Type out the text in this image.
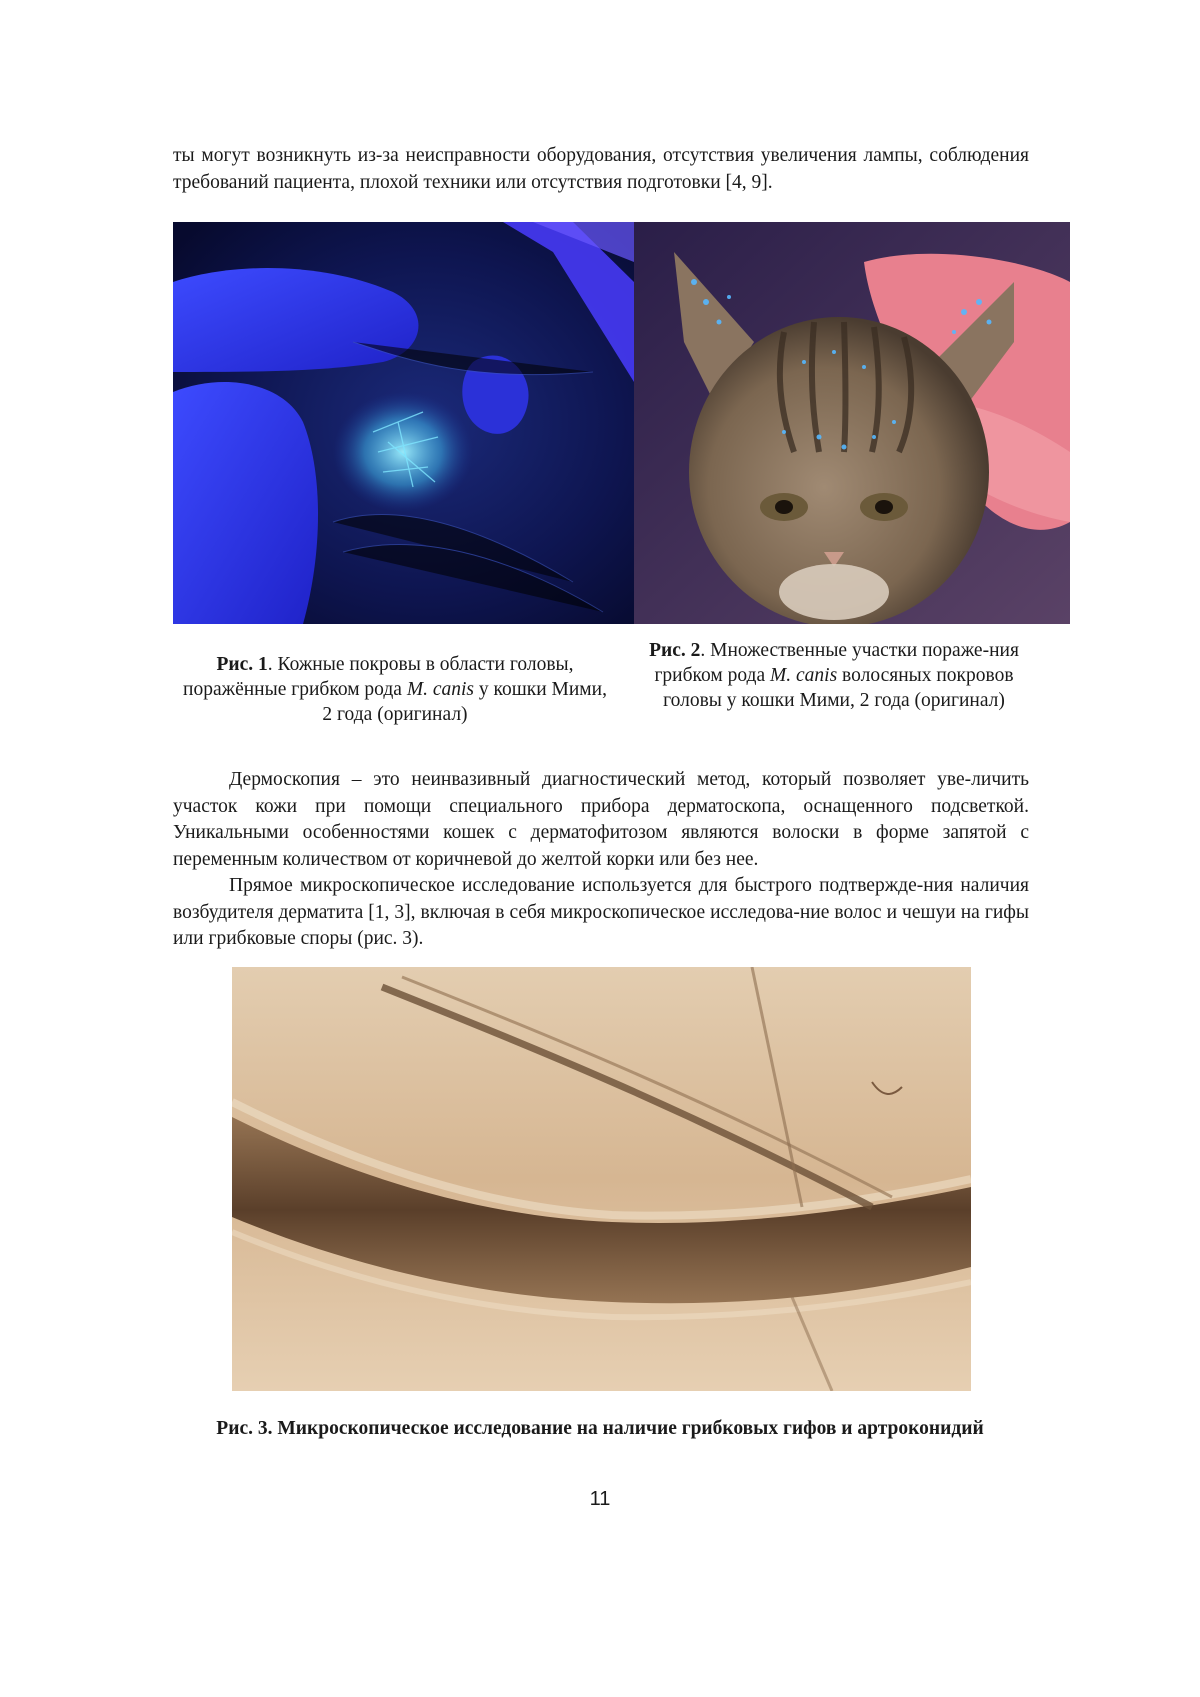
ты могут возникнуть из-за неисправности оборудования, отсутствия увеличения лампы, соблюдения требований пациента, плохой техники или отсутствия подготовки [4, 9].

Рис. 1. Кожные покровы в области головы, поражённые грибком рода M. canis у кошки Мими, 2 года (оригинал)

Рис. 2. Множественные участки пораже-ния грибком рода M. canis волосяных покровов головы у кошки Мими, 2 года (оригинал)

Дермоскопия – это неинвазивный диагностический метод, который позволяет уве-личить участок кожи при помощи специального прибора дерматоскопа, оснащенного подсветкой. Уникальными особенностями кошек с дерматофитозом являются волоски в форме запятой с переменным количеством от коричневой до желтой корки или без нее.

Прямое микроскопическое исследование используется для быстрого подтвержде-ния наличия возбудителя дерматита [1, 3], включая в себя микроскопическое исследова-ние волос и чешуи на гифы или грибковые споры (рис. 3).

Рис. 3. Микроскопическое исследование на наличие грибковых гифов и артроконидий

11
